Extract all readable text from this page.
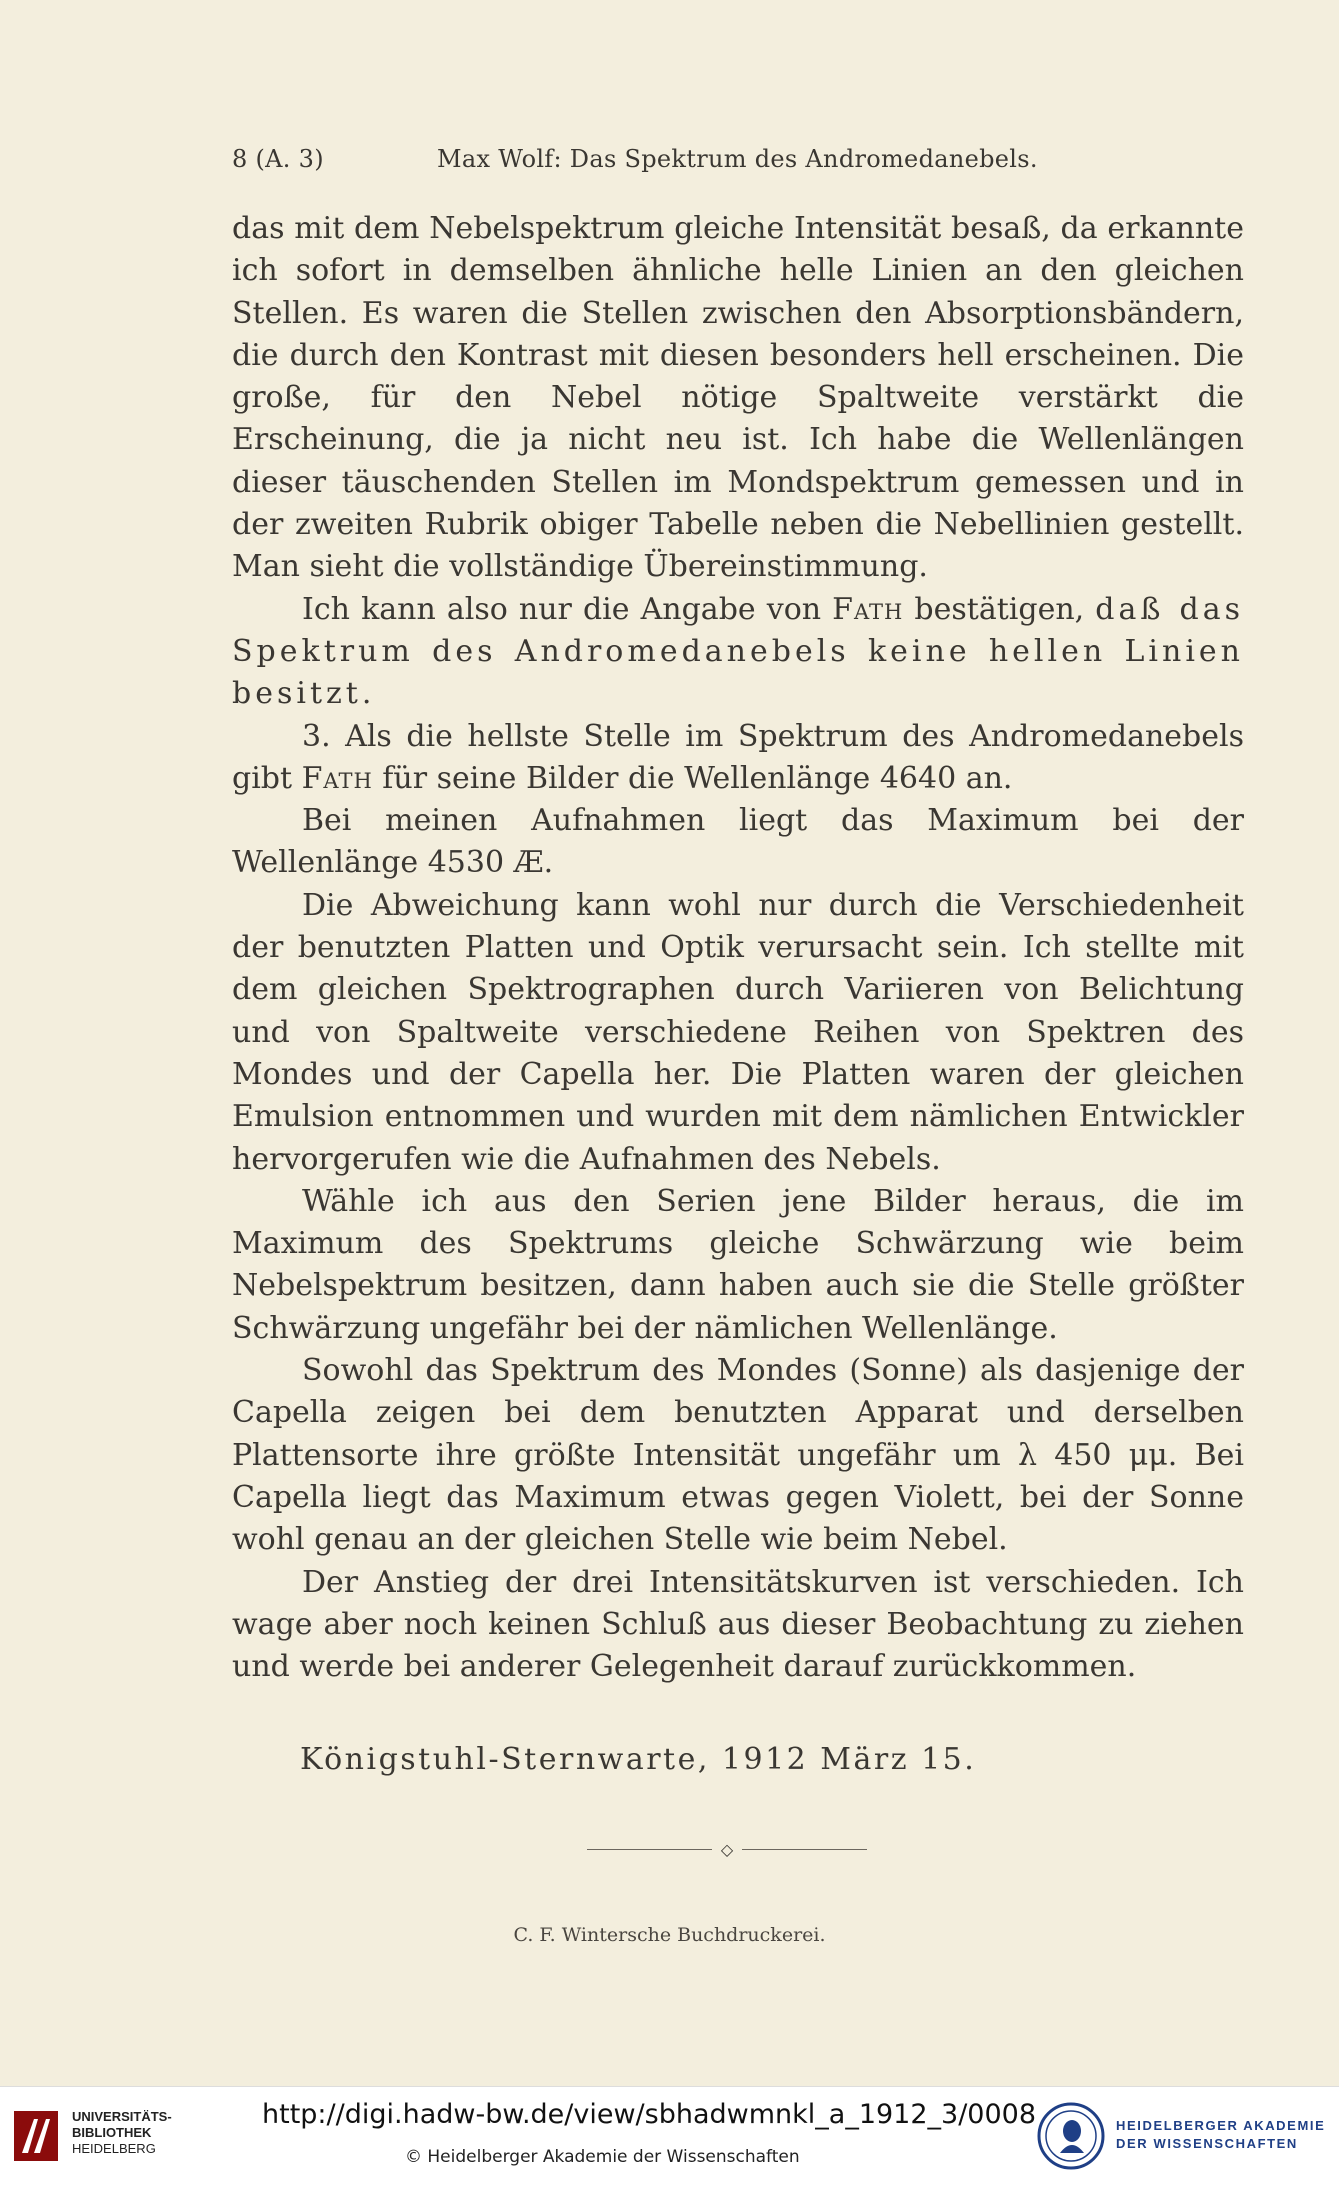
8 (A. 3)	Max Wolf: Das Spektrum des Andromedanebels.

das mit dem Nebelspektrum gleiche Intensität besaß, da erkannte ich sofort in demselben ähnliche helle Linien an den gleichen Stellen. Es waren die Stellen zwischen den Absorptionsbändern, die durch den Kontrast mit diesen besonders hell erscheinen. Die große, für den Nebel nötige Spaltweite verstärkt die Erscheinung, die ja nicht neu ist. Ich habe die Wellenlängen dieser täuschenden Stellen im Mondspektrum gemessen und in der zweiten Rubrik obiger Tabelle neben die Nebellinien gestellt. Man sieht die vollständige Übereinstimmung.

Ich kann also nur die Angabe von Fath bestätigen, daß das Spektrum des Andromedanebels keine hellen Linien besitzt.

3. Als die hellste Stelle im Spektrum des Andromedanebels gibt Fath für seine Bilder die Wellenlänge 4640 an.

Bei meinen Aufnahmen liegt das Maximum bei der Wellenlänge 4530 Æ.

Die Abweichung kann wohl nur durch die Verschiedenheit der benutzten Platten und Optik verursacht sein. Ich stellte mit dem gleichen Spektrographen durch Variieren von Belichtung und von Spaltweite verschiedene Reihen von Spektren des Mondes und der Capella her. Die Platten waren der gleichen Emulsion entnommen und wurden mit dem nämlichen Entwickler hervorgerufen wie die Aufnahmen des Nebels.

Wähle ich aus den Serien jene Bilder heraus, die im Maximum des Spektrums gleiche Schwärzung wie beim Nebelspektrum besitzen, dann haben auch sie die Stelle größter Schwärzung ungefähr bei der nämlichen Wellenlänge.

Sowohl das Spektrum des Mondes (Sonne) als dasjenige der Capella zeigen bei dem benutzten Apparat und derselben Plattensorte ihre größte Intensität ungefähr um λ 450 μμ. Bei Capella liegt das Maximum etwas gegen Violett, bei der Sonne wohl genau an der gleichen Stelle wie beim Nebel.

Der Anstieg der drei Intensitätskurven ist verschieden. Ich wage aber noch keinen Schluß aus dieser Beobachtung zu ziehen und werde bei anderer Gelegenheit darauf zurückkommen.

Königstuhl-Sternwarte, 1912 März 15.
◇
C. F. Wintersche Buchdruckerei.
UNIVERSITÄTS-
BIBLIOTHEK
HEIDELBERG
http://digi.hadw-bw.de/view/sbhadwmnkl_a_1912_3/0008
© Heidelberger Akademie der Wissenschaften
HEIDELBERGER AKADEMIE
DER WISSENSCHAFTEN
